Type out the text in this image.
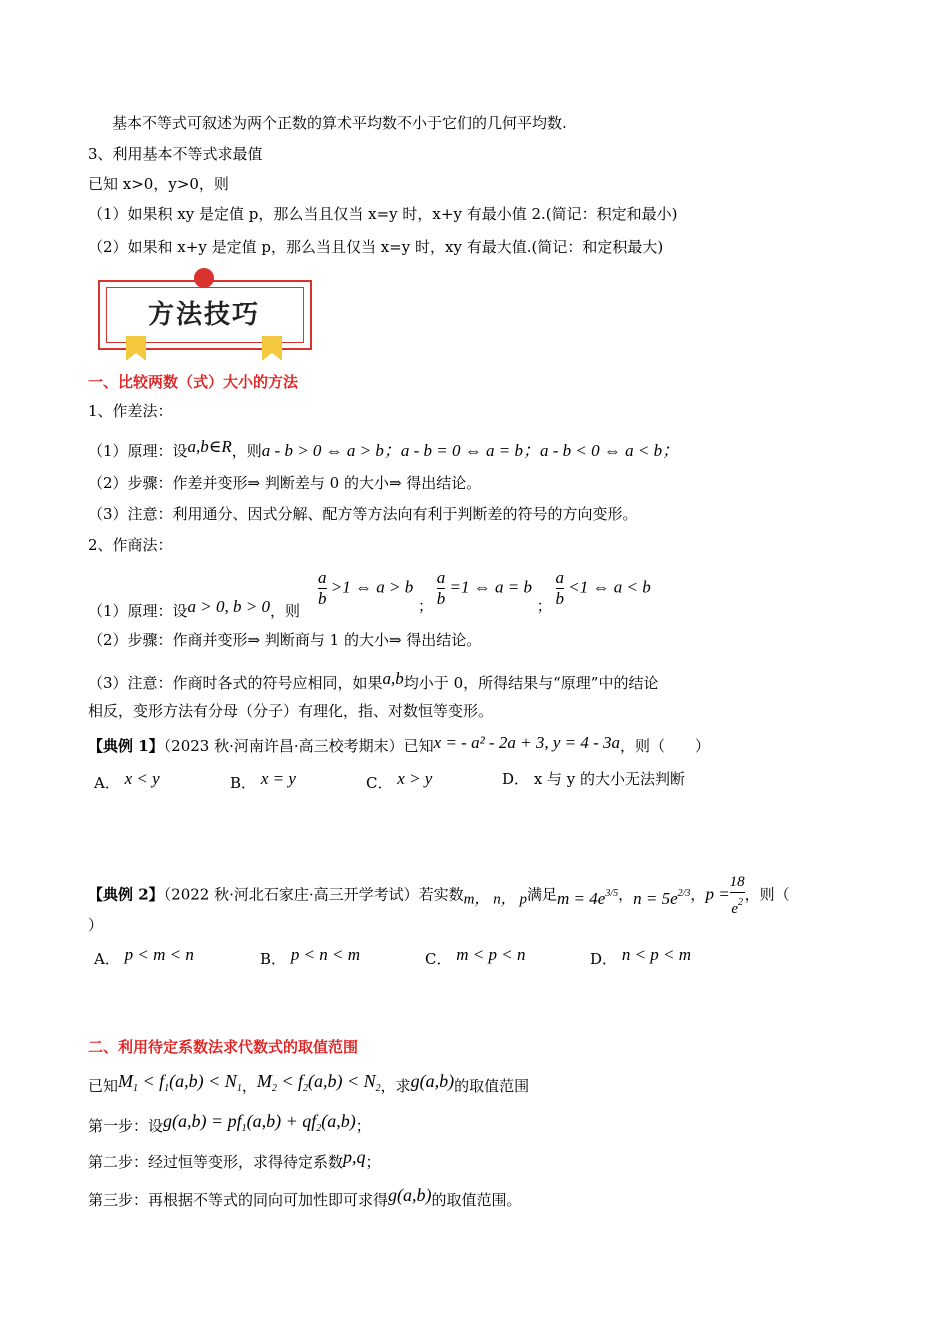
基本不等式可叙述为两个正数的算术平均数不小于它们的几何平均数.
3、利用基本不等式求最值
已知 x>0，y>0，则
（1）如果积 xy 是定值 p，那么当且仅当 x=y 时，x+y 有最小值 2.(简记：积定和最小)
（2）如果和 x+y 是定值 p，那么当且仅当 x=y 时，xy 有最大值.(简记：和定积最大)
方法技巧
一、比较两数（式）大小的方法
1、作差法：
（1）原理：设a,b∈R，则a - b > 0 ⇔ a > b；a - b = 0 ⇔ a = b；a - b < 0 ⇔ a < b；
（2）步骤：作差并变形⇒ 判断差与 0 的大小⇒ 得出结论。
（3）注意：利用通分、因式分解、配方等方法向有利于判断差的符号的方向变形。
2、作商法：
（1）原理：设a > 0, b > 0，则
$\frac{a}{b} >1$ ⇔ a > b ； $\frac{a}{b} =1$ ⇔ a = b ； $\frac{a}{b} <1$ ⇔ a < b
（2）步骤：作商并变形⇒ 判断商与 1 的大小⇒ 得出结论。
（3）注意：作商时各式的符号应相同，如果a,b均小于 0，所得结果与“原理”中的结论
相反，变形方法有分母（分子）有理化，指、对数恒等变形。
【典例 1】（2023 秋·河南许昌·高三校考期末）已知x = - a² - 2a + 3, y = 4 - 3a，则（　　）
A． x < y	B． x = y	C． x > y	D． x 与 y 的大小无法判断
【典例 2】（2022 秋·河北石家庄·高三开学考试）若实数m， n， p满足$m = 4e^{3/5}$，$n = 5e^{2/3}$，$p = \frac{18}{e^2}$ ，则（
）
A． p < m < n	B． p < n < m	C． m < p < n	D． n < p < m
二、利用待定系数法求代数式的取值范围
已知$M_1 < f_1(a,b) < N_1$，$M_2 < f_2(a,b) < N_2$，求g(a,b)的取值范围
第一步：设$g(a,b) = pf_1(a,b) + qf_2(a,b)$；
第二步：经过恒等变形，求得待定系数p,q；
第三步：再根据不等式的同向可加性即可求得g(a,b)的取值范围。
